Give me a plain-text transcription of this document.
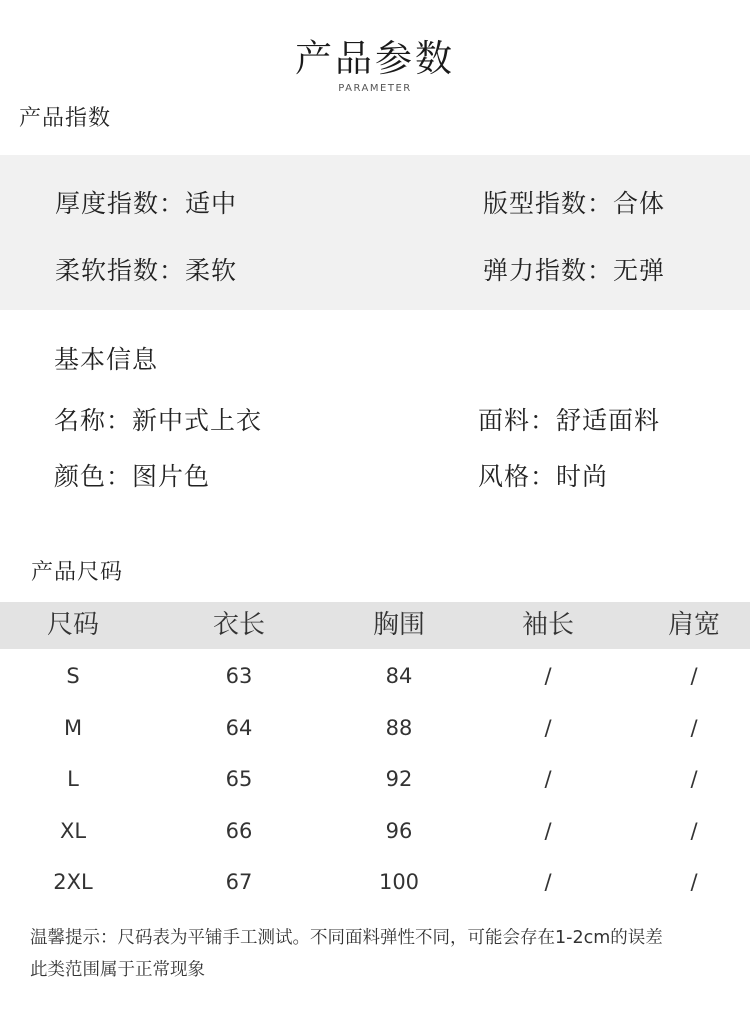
产品参数
PARAMETER
产品指数
厚度指数：适中	版型指数：合体
柔软指数：柔软	弹力指数：无弹
基本信息
名称：新中式上衣	面料：舒适面料
颜色：图片色	风格：时尚
产品尺码
尺码	衣长	胸围	袖长	肩宽
S	63	84	/	/
M	64	88	/	/
L	65	92	/	/
XL	66	96	/	/
2XL	67	100	/	/
温馨提示：尺码表为平铺手工测试。不同面料弹性不同，可能会存在1-2cm的误差
此类范围属于正常现象
